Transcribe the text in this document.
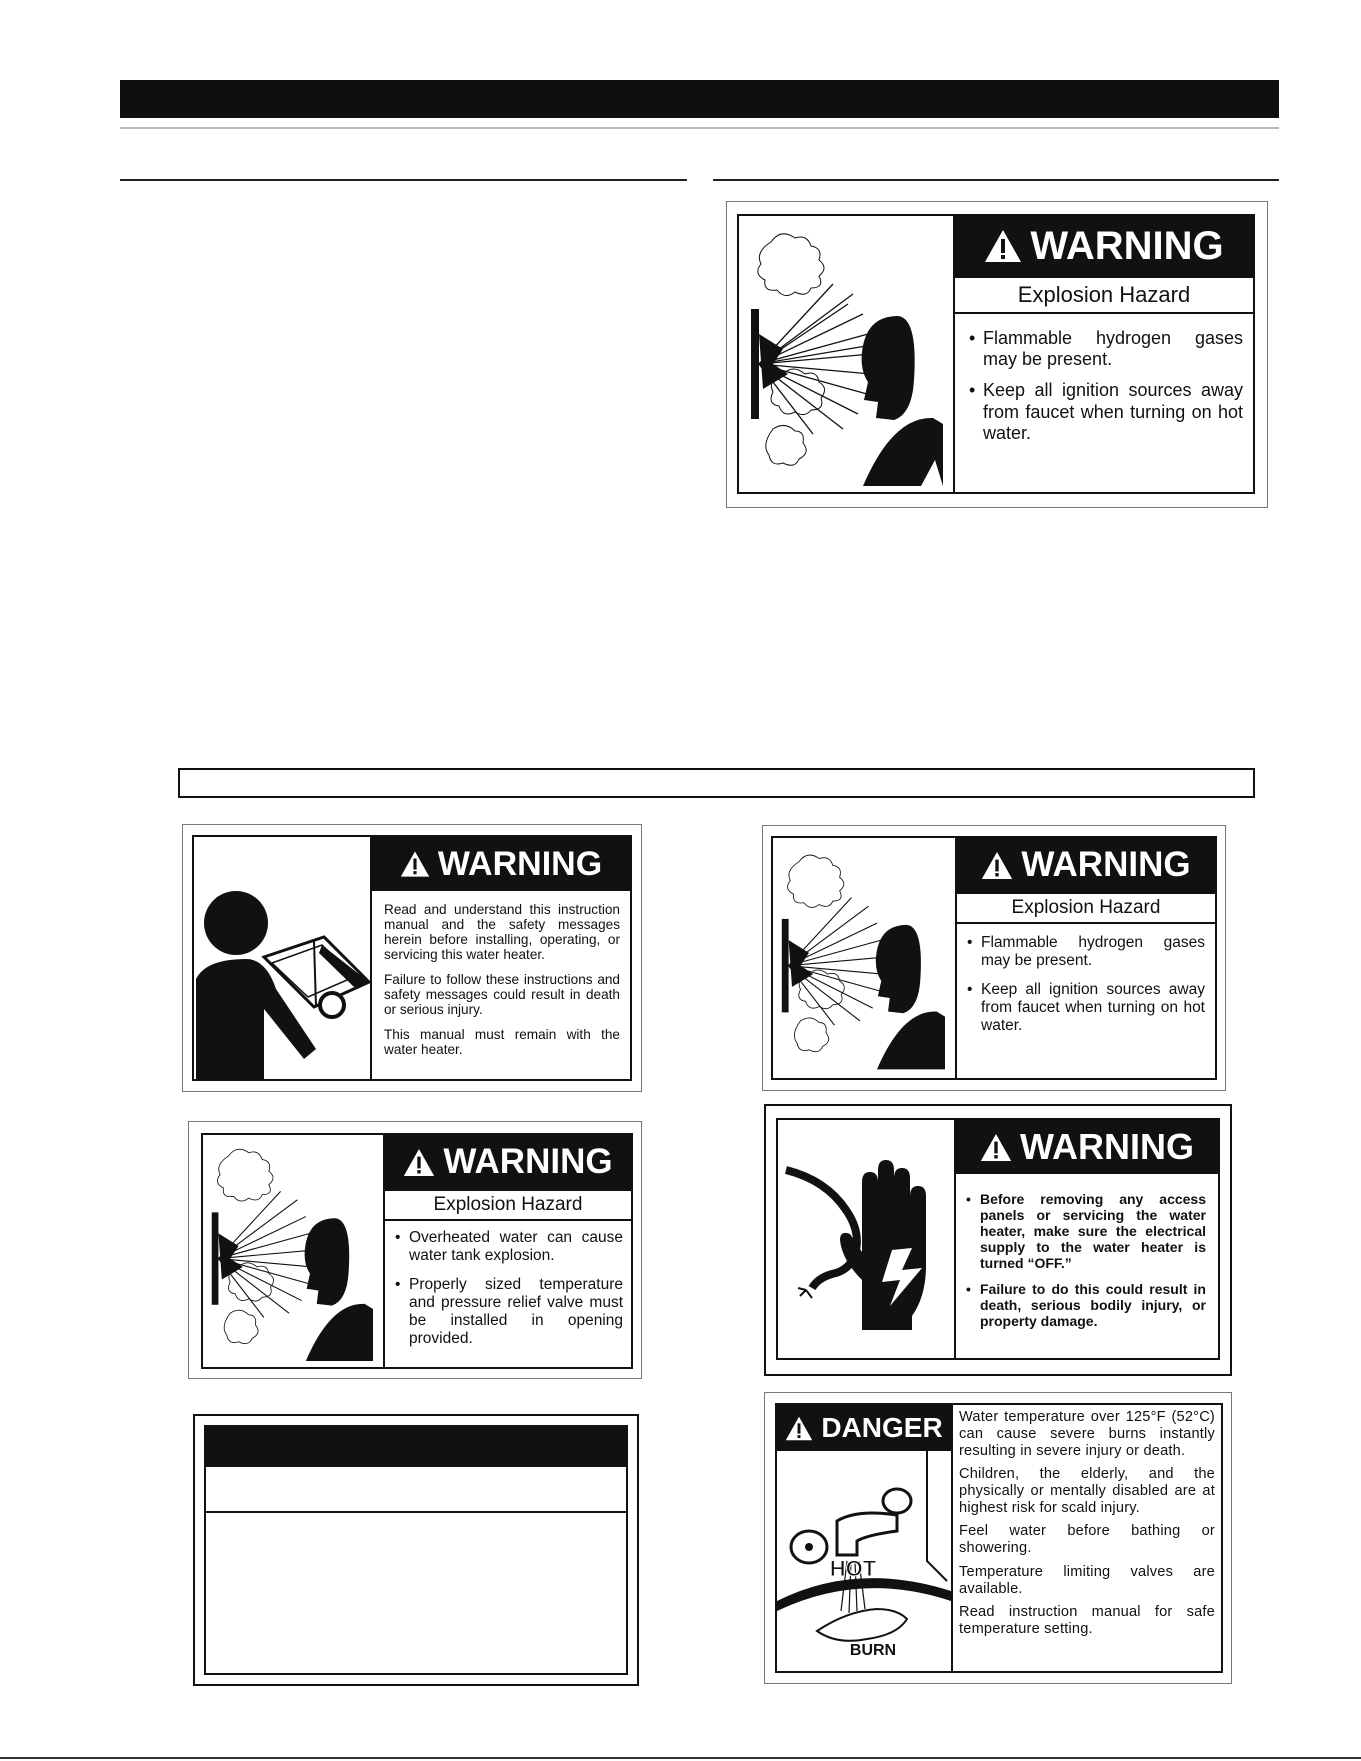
WARNING
Explosion Hazard
• Flammable hydrogen gases may be present.
• Keep all ignition sources away from faucet when turning on hot water.
WARNING

Read and understand this instruction manual and the safety messages herein before installing, operating, or servicing this water heater.

Failure to follow these instructions and safety messages could result in death or serious injury.

This manual must remain with the water heater.

WARNING
Explosion Hazard
• Flammable hydrogen gases may be present.
• Keep all ignition sources away from faucet when turning on hot water.
WARNING
Explosion Hazard
• Overheated water can cause water tank explosion.
• Properly sized temperature and pressure relief valve must be installed in opening provided.
WARNING
• Before removing any access panels or servicing the water heater, make sure the electrical supply to the water heater is turned “OFF.”
• Failure to do this could result in death, serious bodily injury, or property damage.
DANGER
HOT
BURN

Water temperature over 125°F (52°C) can cause severe burns instantly resulting in severe injury or death.

Children, the elderly, and the physically or mentally disabled are at highest risk for scald injury.

Feel water before bathing or showering.

Temperature limiting valves are available.

Read instruction manual for safe temperature setting.
